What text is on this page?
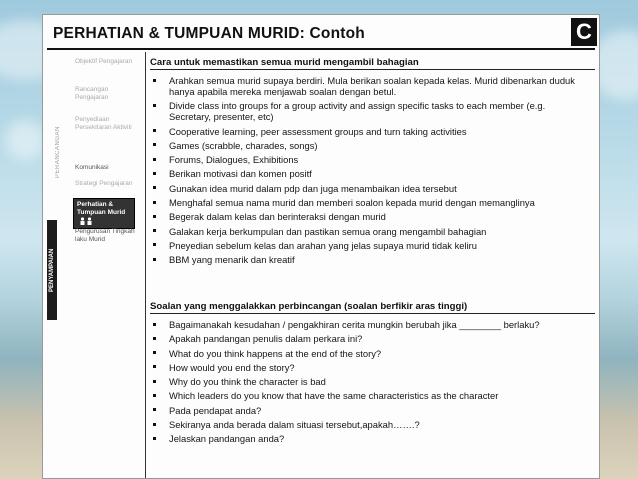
PERHATIAN & TUMPUAN MURID: Contoh	C
PERANCANGAN
PENYAMPAIAN
Objektif Pengajaran
Rancangan Pengajaran
Penyediaan Persekitaran Aktiviti
Komunikasi
Strategi Pengajaran
Perhatian & Tumpuan Murid
Pengurusan Tingkah laku Murid
Cara untuk memastikan semua murid mengambil bahagian
Arahkan semua murid supaya berdiri. Mula berikan soalan kepada kelas. Murid dibenarkan duduk hanya apabila mereka menjawab soalan dengan betul.
Divide class into groups for a group activity and assign specific tasks to each member (e.g. Secretary, presenter, etc)
Cooperative learning, peer assessment groups and turn taking activities
Games (scrabble, charades, songs)
Forums, Dialogues, Exhibitions
Berikan motivasi dan komen positf
Gunakan idea murid dalam pdp dan juga menambaikan idea tersebut
Menghafal semua nama murid dan memberi soalon kepada murid dengan memanglinya
Begerak dalam kelas dan berinteraksi dengan murid
Galakan kerja berkumpulan dan pastikan semua orang mengambil bahagian
Pneyedian sebelum kelas dan arahan yang jelas supaya murid tidak keliru
BBM yang menarik dan kreatif
Soalan yang menggalakkan perbincangan (soalan berfikir aras tinggi)
Bagaimanakah kesudahan / pengakhiran cerita mungkin berubah jika ________ berlaku?
Apakah pandangan penulis dalam perkara ini?
What do you think happens at the end of the story?
How would you end the story?
Why do you think the character is bad
Which leaders do you know that have the same characteristics as the character
Pada pendapat anda?
Sekiranya anda berada dalam situasi tersebut,apakah…….?
Jelaskan pandangan anda?
